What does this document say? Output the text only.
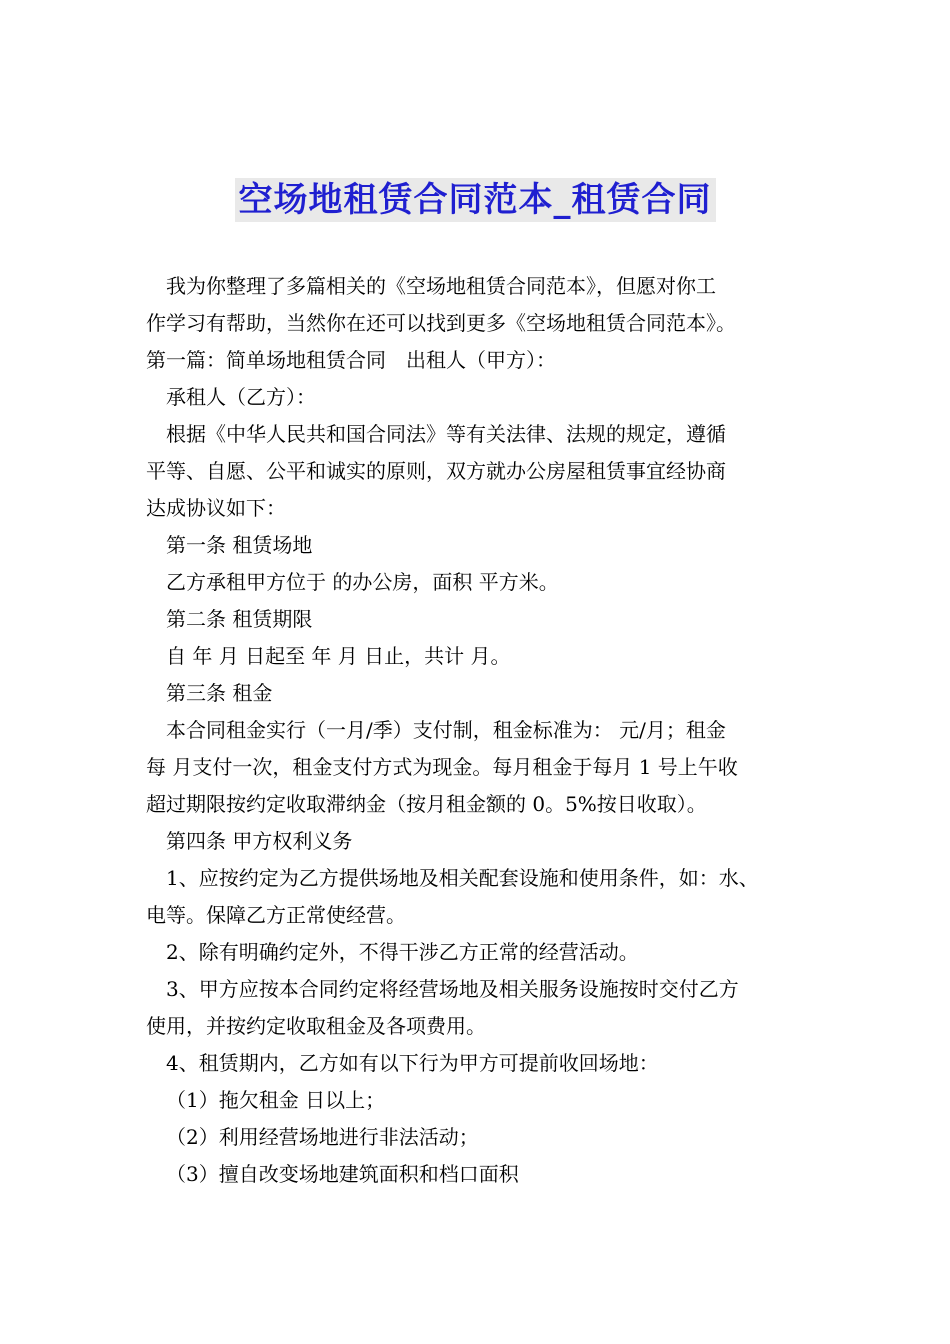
空场地租赁合同范本_租赁合同
我为你整理了多篇相关的《空场地租赁合同范本》，但愿对你工
作学习有帮助，当然你在还可以找到更多《空场地租赁合同范本》。
第一篇：简单场地租赁合同　出租人（甲方）：
承租人（乙方）：
根据《中华人民共和国合同法》等有关法律、法规的规定，遵循
平等、自愿、公平和诚实的原则，双方就办公房屋租赁事宜经协商
达成协议如下：
第一条 租赁场地
乙方承租甲方位于 的办公房，面积 平方米。
第二条 租赁期限
自 年 月 日起至 年 月 日止，共计 月。
第三条 租金
本合同租金实行（一月/季）支付制，租金标准为： 元/月；租金
每 月支付一次，租金支付方式为现金。每月租金于每月 1 号上午收
超过期限按约定收取滞纳金（按月租金额的 0。5%按日收取）。
第四条 甲方权利义务
1、应按约定为乙方提供场地及相关配套设施和使用条件，如：水、
电等。保障乙方正常使经营。
2、除有明确约定外，不得干涉乙方正常的经营活动。
3、甲方应按本合同约定将经营场地及相关服务设施按时交付乙方
使用，并按约定收取租金及各项费用。
4、租赁期内，乙方如有以下行为甲方可提前收回场地：
（1）拖欠租金 日以上；
（2）利用经营场地进行非法活动；
（3）擅自改变场地建筑面积和档口面积
